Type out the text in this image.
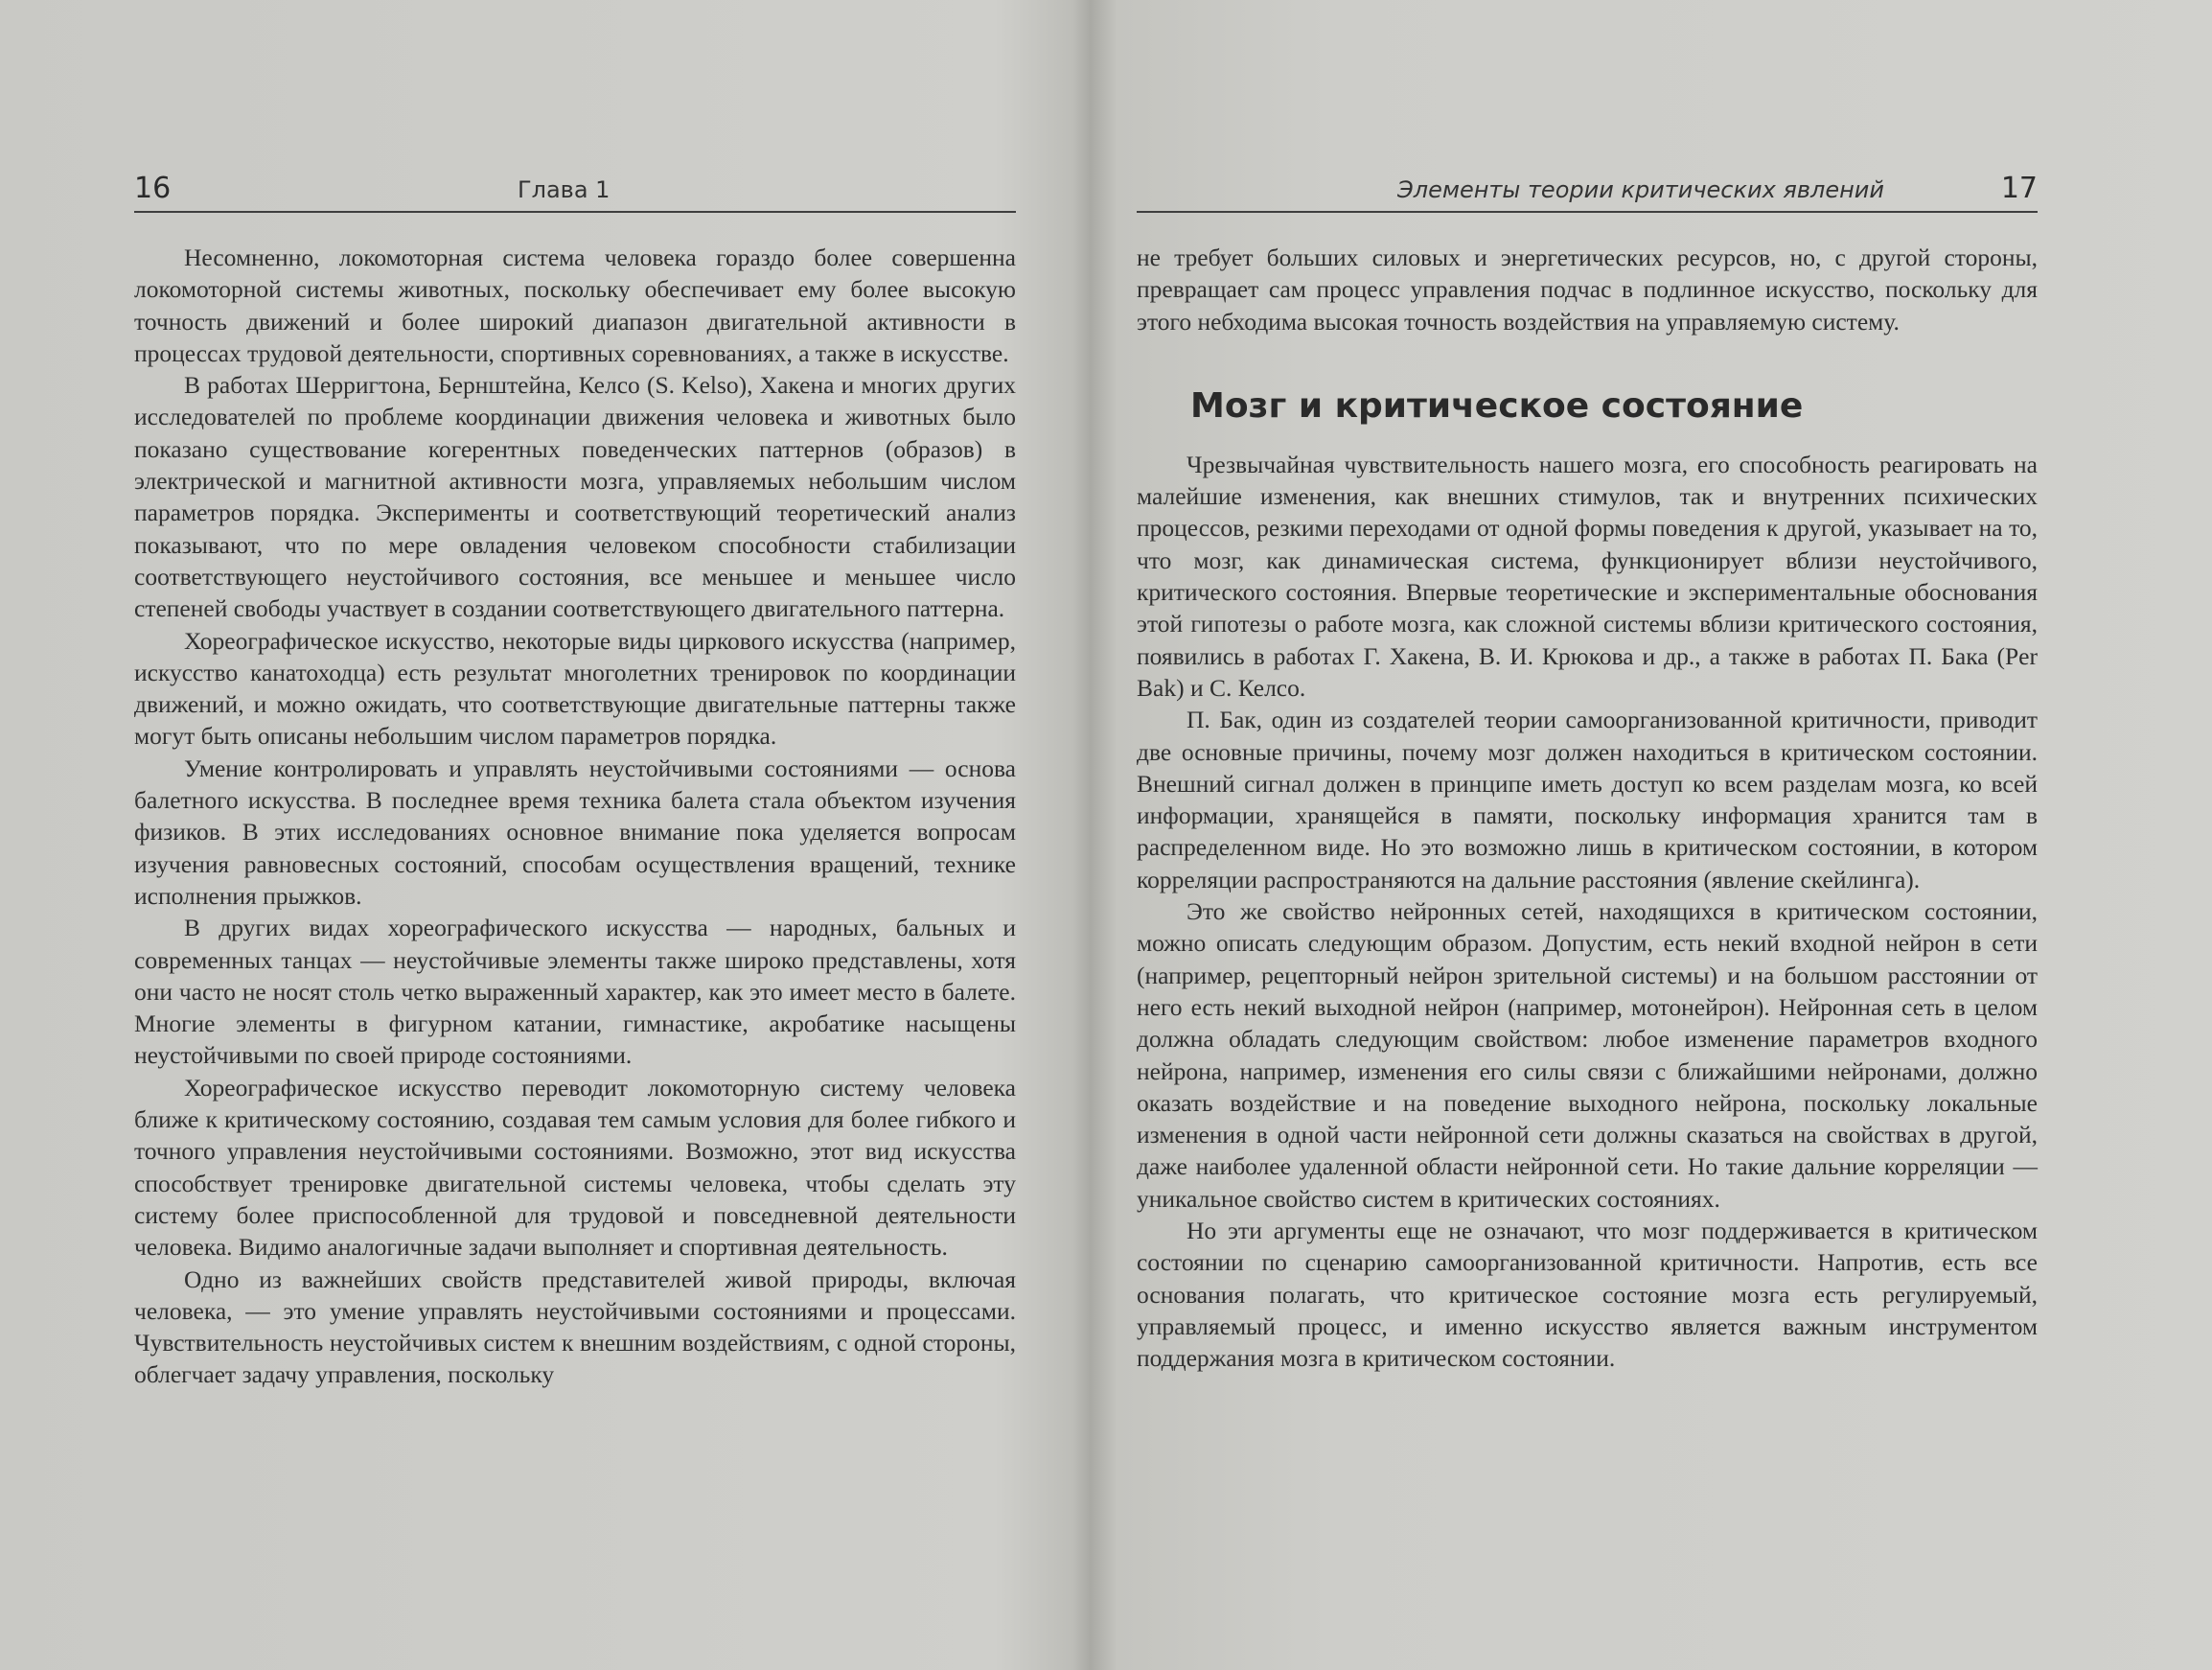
16	Глава 1

Несомненно, локомоторная система человека гораздо более совершенна локомоторной системы животных, поскольку обеспечивает ему более высокую точность движений и более широкий диапазон двигательной активности в процессах трудовой деятельности, спортивных соревнованиях, а также в искусстве.

В работах Шерригтона, Бернштейна, Келсо (S. Kelso), Хакена и многих других исследователей по проблеме координации движения человека и животных было показано существование когерентных поведенческих паттернов (образов) в электрической и магнитной активности мозга, управляемых небольшим числом параметров порядка. Эксперименты и соответствующий теоретический анализ показывают, что по мере овладения человеком способности стабилизации соответствующего неустойчивого состояния, все меньшее и меньшее число степеней свободы участвует в создании соответствующего двигательного паттерна.

Хореографическое искусство, некоторые виды циркового искусства (например, искусство канатоходца) есть результат многолетних тренировок по координации движений, и можно ожидать, что соответствующие двигательные паттерны также могут быть описаны небольшим числом параметров порядка.

Умение контролировать и управлять неустойчивыми состояниями — основа балетного искусства. В последнее время техника балета стала объектом изучения физиков. В этих исследованиях основное внимание пока уделяется вопросам изучения равновесных состояний, способам осуществления вращений, технике исполнения прыжков.

В других видах хореографического искусства — народных, бальных и современных танцах — неустойчивые элементы также широко представлены, хотя они часто не носят столь четко выраженный характер, как это имеет место в балете. Многие элементы в фигурном катании, гимнастике, акробатике насыщены неустойчивыми по своей природе состояниями.

Хореографическое искусство переводит локомоторную систему человека ближе к критическому состоянию, создавая тем самым условия для более гибкого и точного управления неустойчивыми состояниями. Возможно, этот вид искусства способствует тренировке двигательной системы человека, чтобы сделать эту систему более приспособленной для трудовой и повседневной деятельности человека. Видимо аналогичные задачи выполняет и спортивная деятельность.

Одно из важнейших свойств представителей живой природы, включая человека, — это умение управлять неустойчивыми состояниями и процессами. Чувствительность неустойчивых систем к внешним воздействиям, с одной стороны, облегчает задачу управления, поскольку

Элементы теории критических явлений	17

не требует больших силовых и энергетических ресурсов, но, с другой стороны, превращает сам процесс управления подчас в подлинное искусство, поскольку для этого небходима высокая точность воздействия на управляемую систему.

Мозг и критическое состояние

Чрезвычайная чувствительность нашего мозга, его способность реагировать на малейшие изменения, как внешних стимулов, так и внутренних психических процессов, резкими переходами от одной формы поведения к другой, указывает на то, что мозг, как динамическая система, функционирует вблизи неустойчивого, критического состояния. Впервые теоретические и экспериментальные обоснования этой гипотезы о работе мозга, как сложной системы вблизи критического состояния, появились в работах Г. Хакена, В. И. Крюкова и др., а также в работах П. Бака (Per Bak) и С. Келсо.

П. Бак, один из создателей теории самоорганизованной критичности, приводит две основные причины, почему мозг должен находиться в критическом состоянии. Внешний сигнал должен в принципе иметь доступ ко всем разделам мозга, ко всей информации, хранящейся в памяти, поскольку информация хранится там в распределенном виде. Но это возможно лишь в критическом состоянии, в котором корреляции распространяются на дальние расстояния (явление скейлинга).

Это же свойство нейронных сетей, находящихся в критическом состоянии, можно описать следующим образом. Допустим, есть некий входной нейрон в сети (например, рецепторный нейрон зрительной системы) и на большом расстоянии от него есть некий выходной нейрон (например, мотонейрон). Нейронная сеть в целом должна обладать следующим свойством: любое изменение параметров входного нейрона, например, изменения его силы связи с ближайшими нейронами, должно оказать воздействие и на поведение выходного нейрона, поскольку локальные изменения в одной части нейронной сети должны сказаться на свойствах в другой, даже наиболее удаленной области нейронной сети. Но такие дальние корреляции — уникальное свойство систем в критических состояниях.

Но эти аргументы еще не означают, что мозг поддерживается в критическом состоянии по сценарию самоорганизованной критичности. Напротив, есть все основания полагать, что критическое состояние мозга есть регулируемый, управляемый процесс, и именно искусство является важным инструментом поддержания мозга в критическом состоянии.
